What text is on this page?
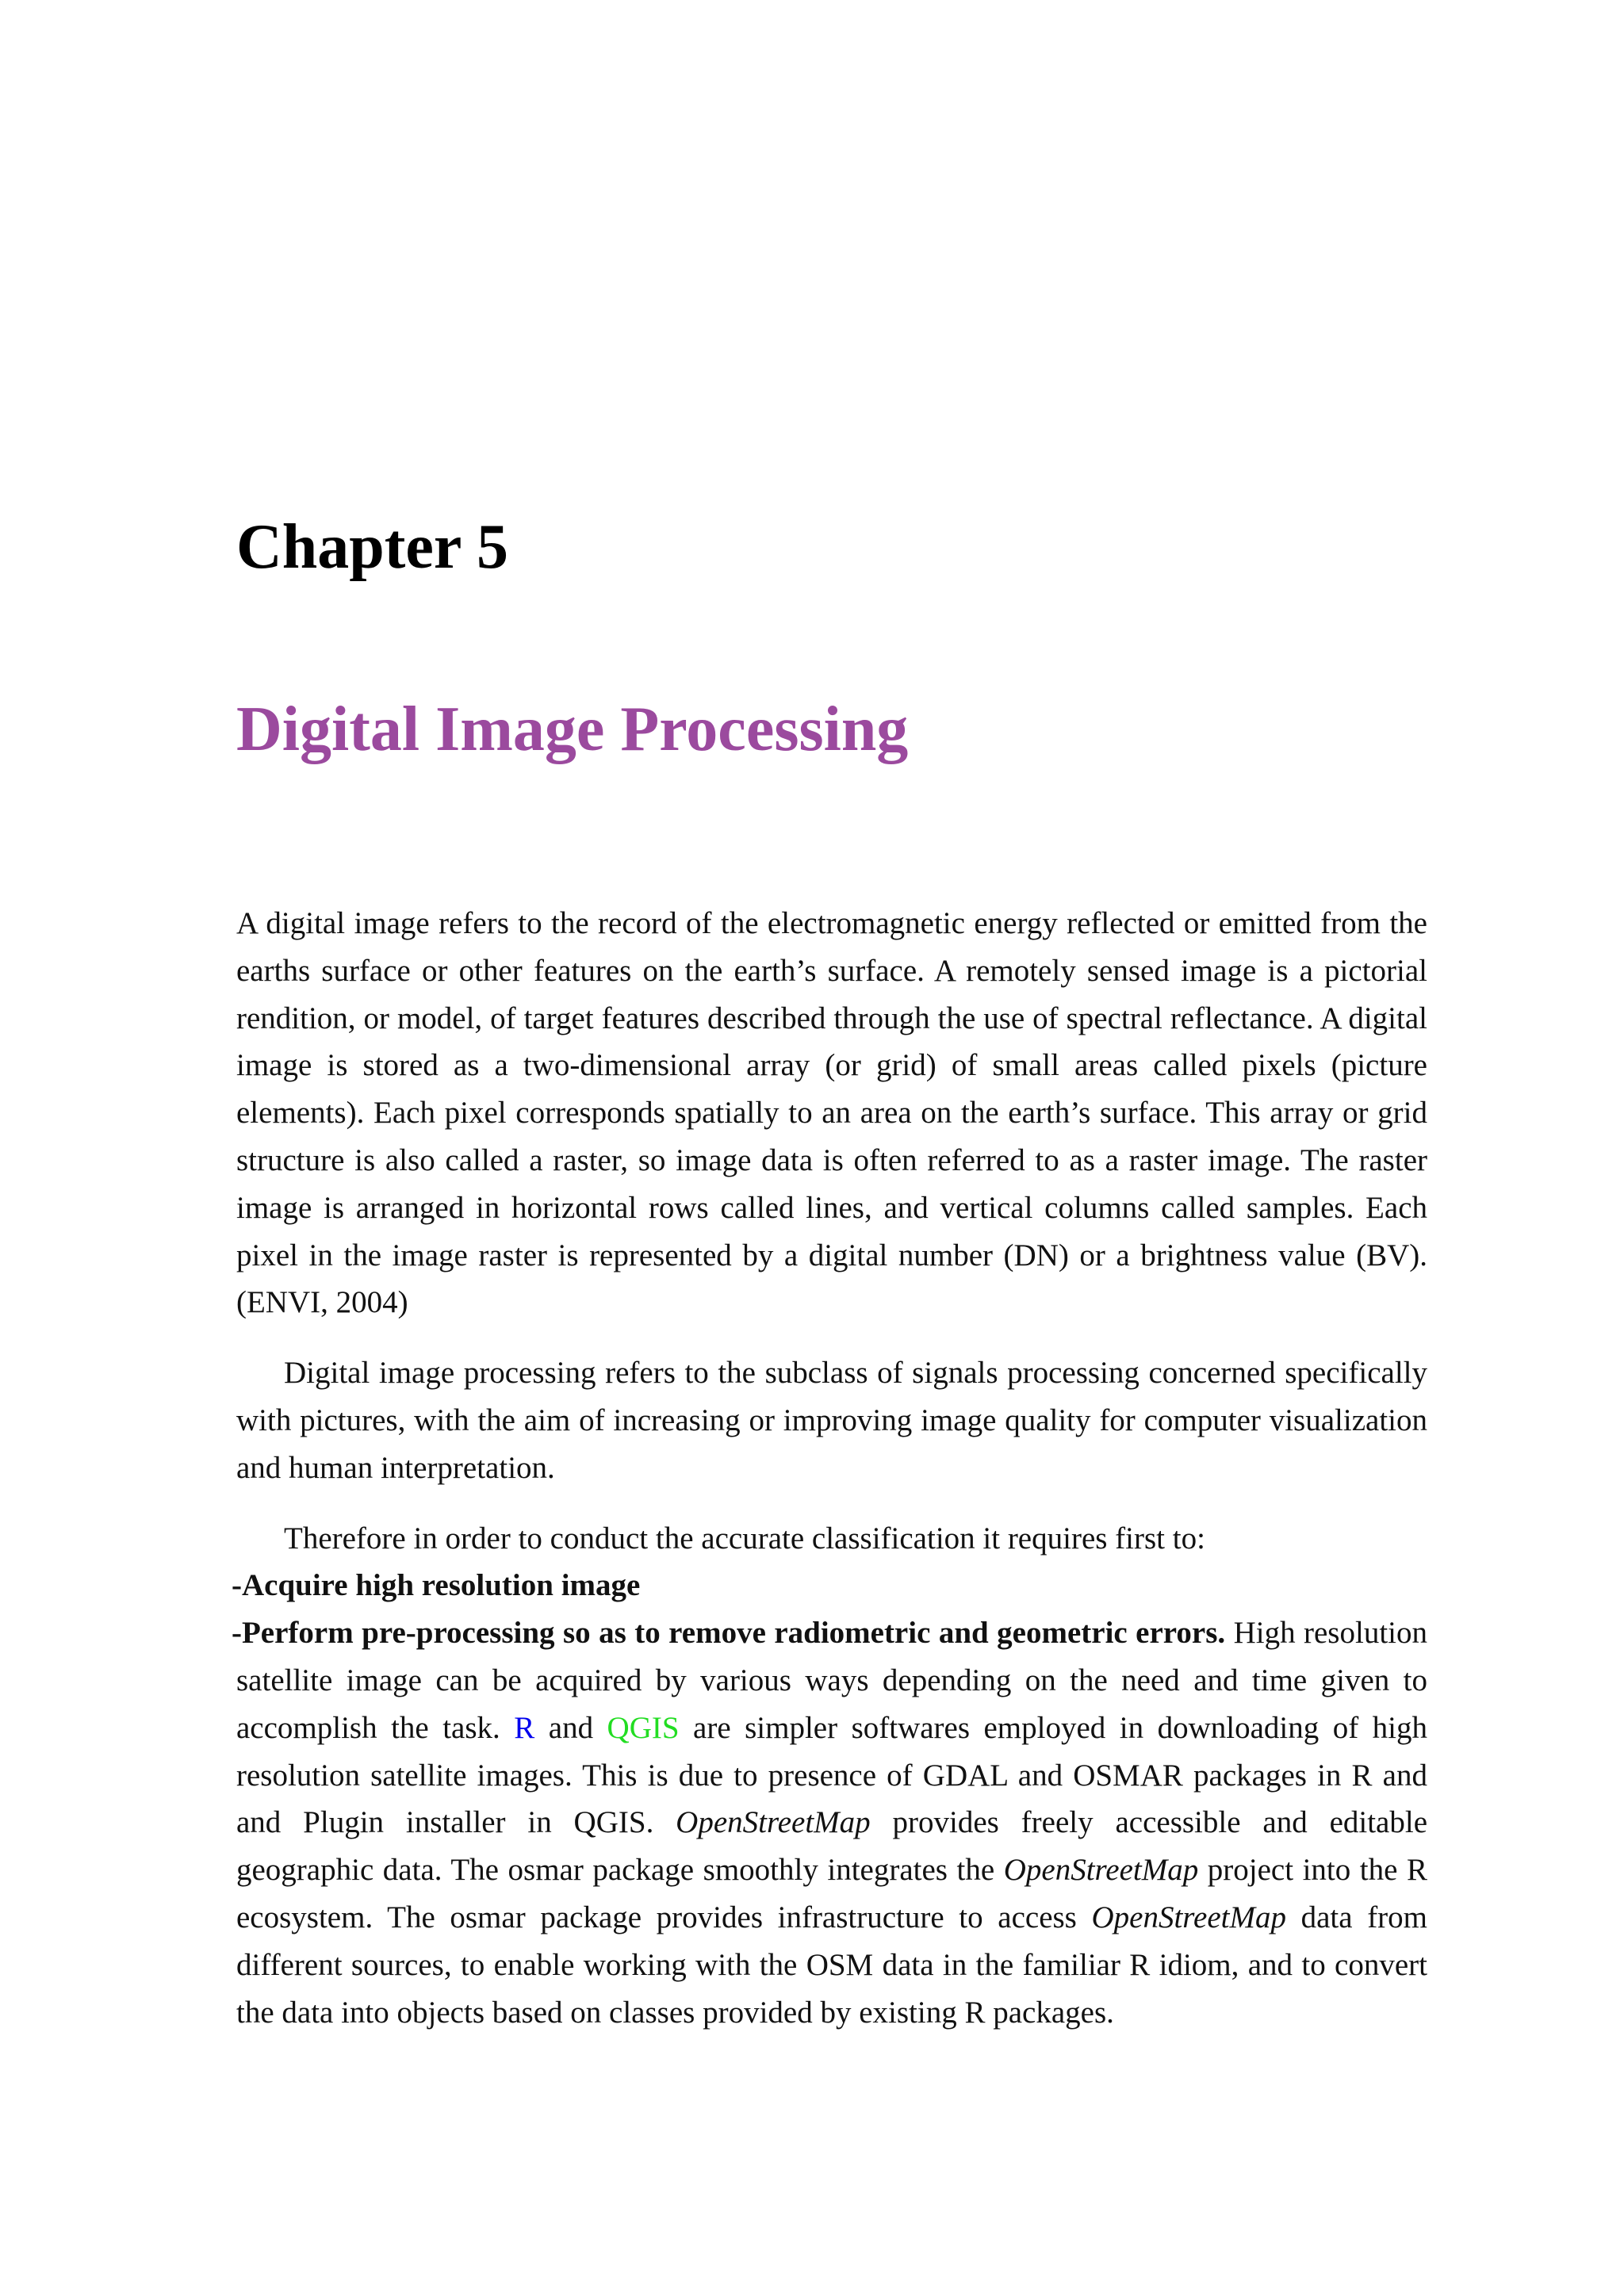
Chapter 5
Digital Image Processing

A digital image refers to the record of the electromagnetic energy reflected or emitted from the earths surface or other features on the earth’s surface. A remotely sensed image is a pictorial rendition, or model, of target features described through the use of spectral reflectance. A digital image is stored as a two-dimensional array (or grid) of small areas called pixels (picture elements). Each pixel corresponds spatially to an area on the earth’s surface. This array or grid structure is also called a raster, so image data is often referred to as a raster image. The raster image is arranged in horizontal rows called lines, and vertical columns called samples. Each pixel in the image raster is represented by a digital number (DN) or a brightness value (BV).(ENVI, 2004)

Digital image processing refers to the subclass of signals processing concerned specifically with pictures, with the aim of increasing or improving image quality for computer visualization and human interpretation.

Therefore in order to conduct the accurate classification it requires first to:

-Acquire high resolution image

-Perform pre-processing so as to remove radiometric and geometric errors. High resolution satellite image can be acquired by various ways depending on the need and time given to accomplish the task. R and QGIS are simpler softwares employed in downloading of high resolution satellite images. This is due to presence of GDAL and OSMAR packages in R and and Plugin installer in QGIS. OpenStreetMap provides freely accessible and editable geographic data. The osmar package smoothly integrates the OpenStreetMap project into the R ecosystem. The osmar package provides infrastructure to access OpenStreetMap data from different sources, to enable working with the OSM data in the familiar R idiom, and to convert the data into objects based on classes provided by existing R packages.
